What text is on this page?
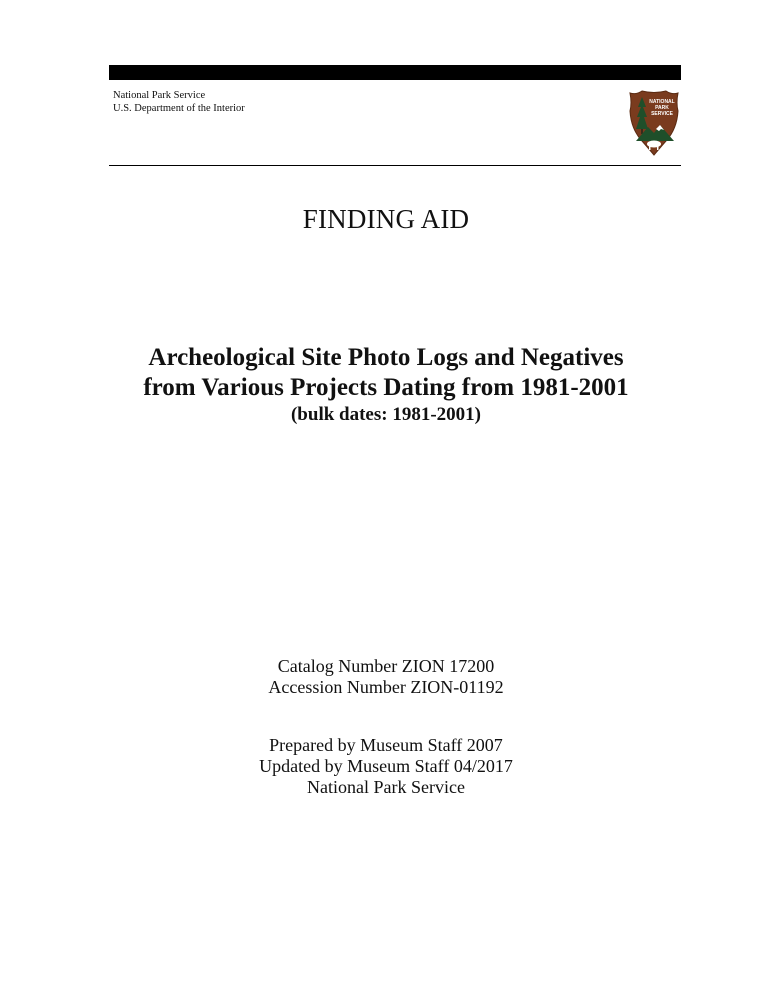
National Park Service
U.S. Department of the Interior
NATIONAL
PARK
SERVICE
FINDING AID
Archeological Site Photo Logs and Negatives
from Various Projects Dating from 1981-2001
(bulk dates: 1981-2001)
Catalog Number ZION 17200
Accession Number ZION-01192
Prepared by Museum Staff 2007
Updated by Museum Staff 04/2017
National Park Service
